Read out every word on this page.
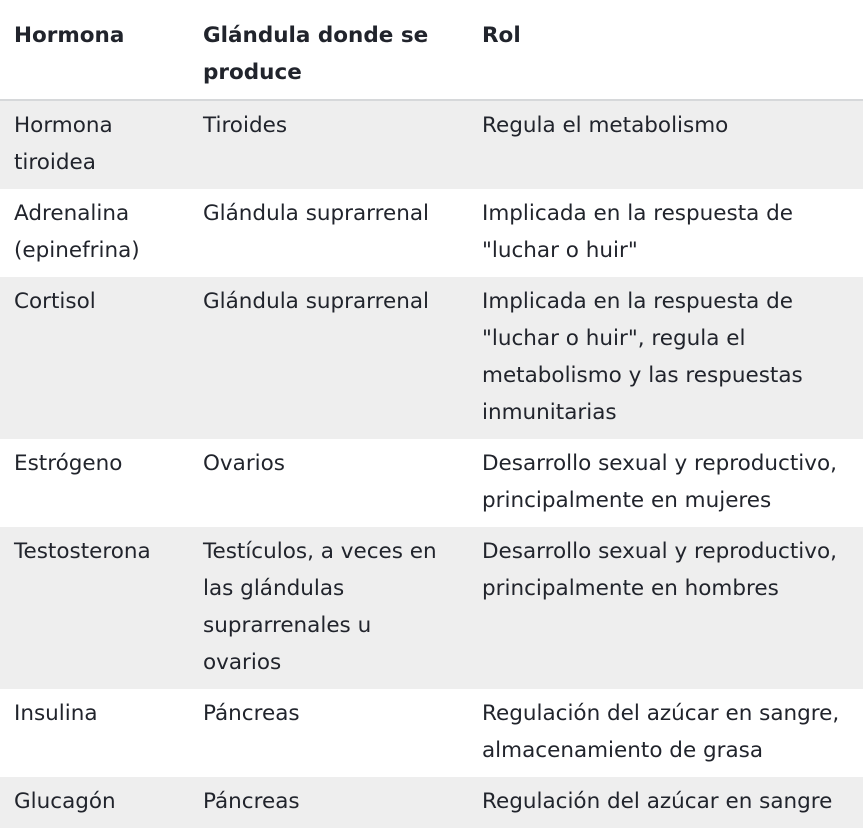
Hormona	Glándula donde se produce	Rol
Hormona tiroidea	Tiroides	Regula el metabolismo
Adrenalina (epinefrina)	Glándula suprarrenal	Implicada en la respuesta de "luchar o huir"
Cortisol	Glándula suprarrenal	Implicada en la respuesta de "luchar o huir", regula el metabolismo y las respuestas inmunitarias
Estrógeno	Ovarios	Desarrollo sexual y reproductivo, principalmente en mujeres
Testosterona	Testículos, a veces en las glándulas suprarrenales u ovarios	Desarrollo sexual y reproductivo, principalmente en hombres
Insulina	Páncreas	Regulación del azúcar en sangre, almacenamiento de grasa
Glucagón	Páncreas	Regulación del azúcar en sangre
